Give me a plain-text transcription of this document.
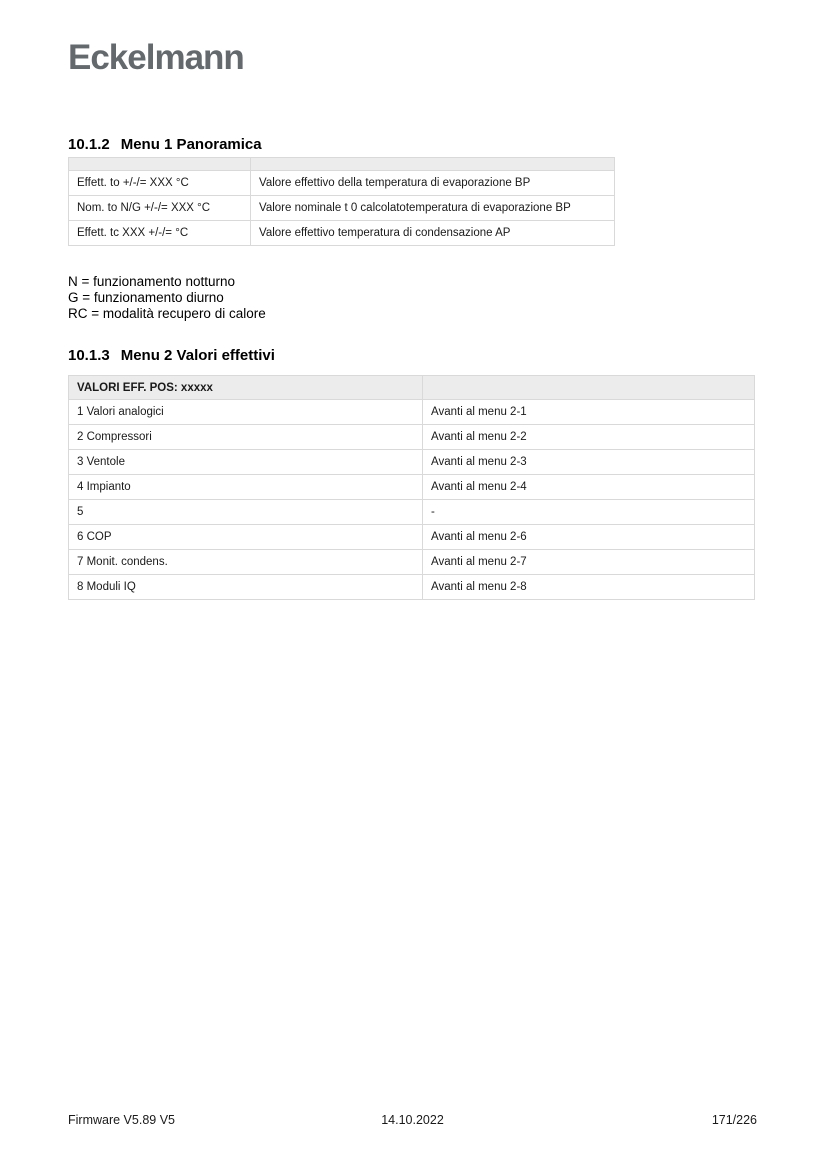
Eckelmann
10.1.2 Menu 1 Panoramica

Effett. to +/-/= XXX °C	Valore effettivo della temperatura di evaporazione BP
Nom. to N/G +/-/= XXX °C	Valore nominale t 0 calcolatotemperatura di evaporazione BP
Effett. tc XXX +/-/= °C	Valore effettivo temperatura di condensazione AP
N = funzionamento notturno
G = funzionamento diurno
RC = modalità recupero di calore
10.1.3 Menu 2 Valori effettivi
VALORI EFF. POS: xxxxx	
1 Valori analogici	Avanti al menu 2-1
2 Compressori	Avanti al menu 2-2
3 Ventole	Avanti al menu 2-3
4 Impianto	Avanti al menu 2-4
5	-
6 COP	Avanti al menu 2-6
7 Monit. condens.	Avanti al menu 2-7
8 Moduli IQ	Avanti al menu 2-8
Firmware V5.89 V5	14.10.2022	171/226
